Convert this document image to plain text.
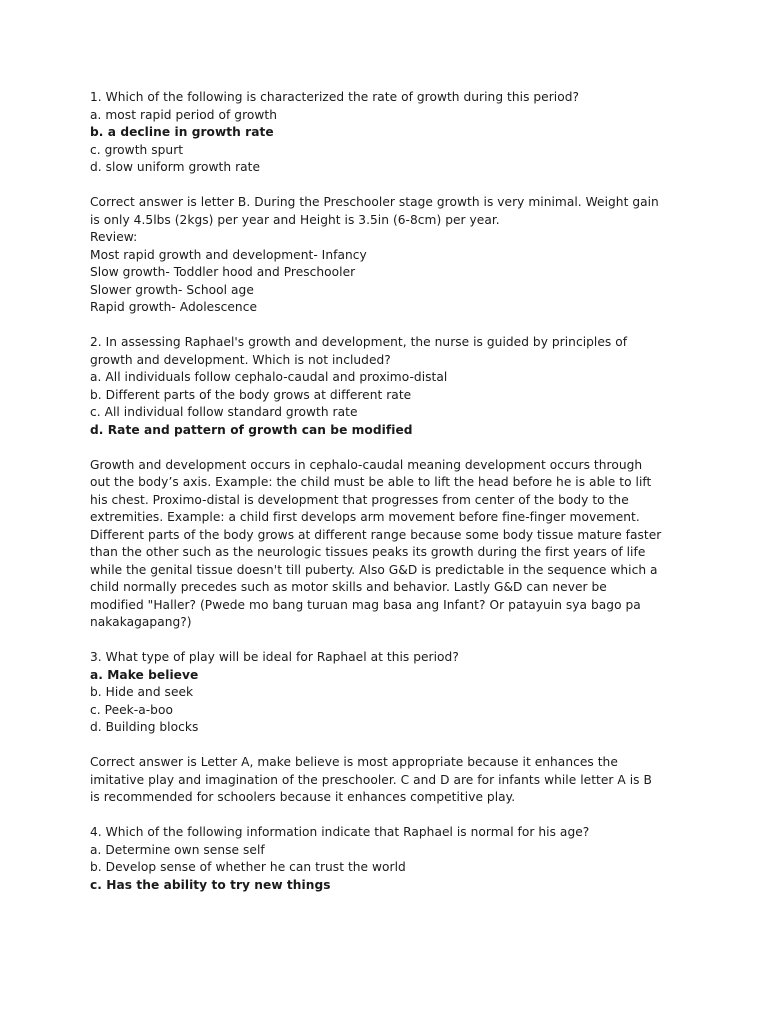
1. Which of the following is characterized the rate of growth during this period?
a. most rapid period of growth
b. a decline in growth rate
c. growth spurt
d. slow uniform growth rate
Correct answer is letter B. During the Preschooler stage growth is very minimal. Weight gain
is only 4.5lbs (2kgs) per year and Height is 3.5in (6-8cm) per year.
Review:
Most rapid growth and development- Infancy
Slow growth- Toddler hood and Preschooler
Slower growth- School age
Rapid growth- Adolescence
2. In assessing Raphael's growth and development, the nurse is guided by principles of
growth and development. Which is not included?
a. All individuals follow cephalo-caudal and proximo-distal
b. Different parts of the body grows at different rate
c. All individual follow standard growth rate
d. Rate and pattern of growth can be modified
Growth and development occurs in cephalo-caudal meaning development occurs through
out the body’s axis. Example: the child must be able to lift the head before he is able to lift
his chest. Proximo-distal is development that progresses from center of the body to the
extremities. Example: a child first develops arm movement before fine-finger movement.
Different parts of the body grows at different range because some body tissue mature faster
than the other such as the neurologic tissues peaks its growth during the first years of life
while the genital tissue doesn't till puberty. Also G&D is predictable in the sequence which a
child normally precedes such as motor skills and behavior. Lastly G&D can never be
modified "Haller? (Pwede mo bang turuan mag basa ang Infant? Or patayuin sya bago pa
nakakagapang?)
3. What type of play will be ideal for Raphael at this period?
a. Make believe
b. Hide and seek
c. Peek-a-boo
d. Building blocks
Correct answer is Letter A, make believe is most appropriate because it enhances the
imitative play and imagination of the preschooler. C and D are for infants while letter A is B
is recommended for schoolers because it enhances competitive play.
4. Which of the following information indicate that Raphael is normal for his age?
a. Determine own sense self
b. Develop sense of whether he can trust the world
c. Has the ability to try new things
